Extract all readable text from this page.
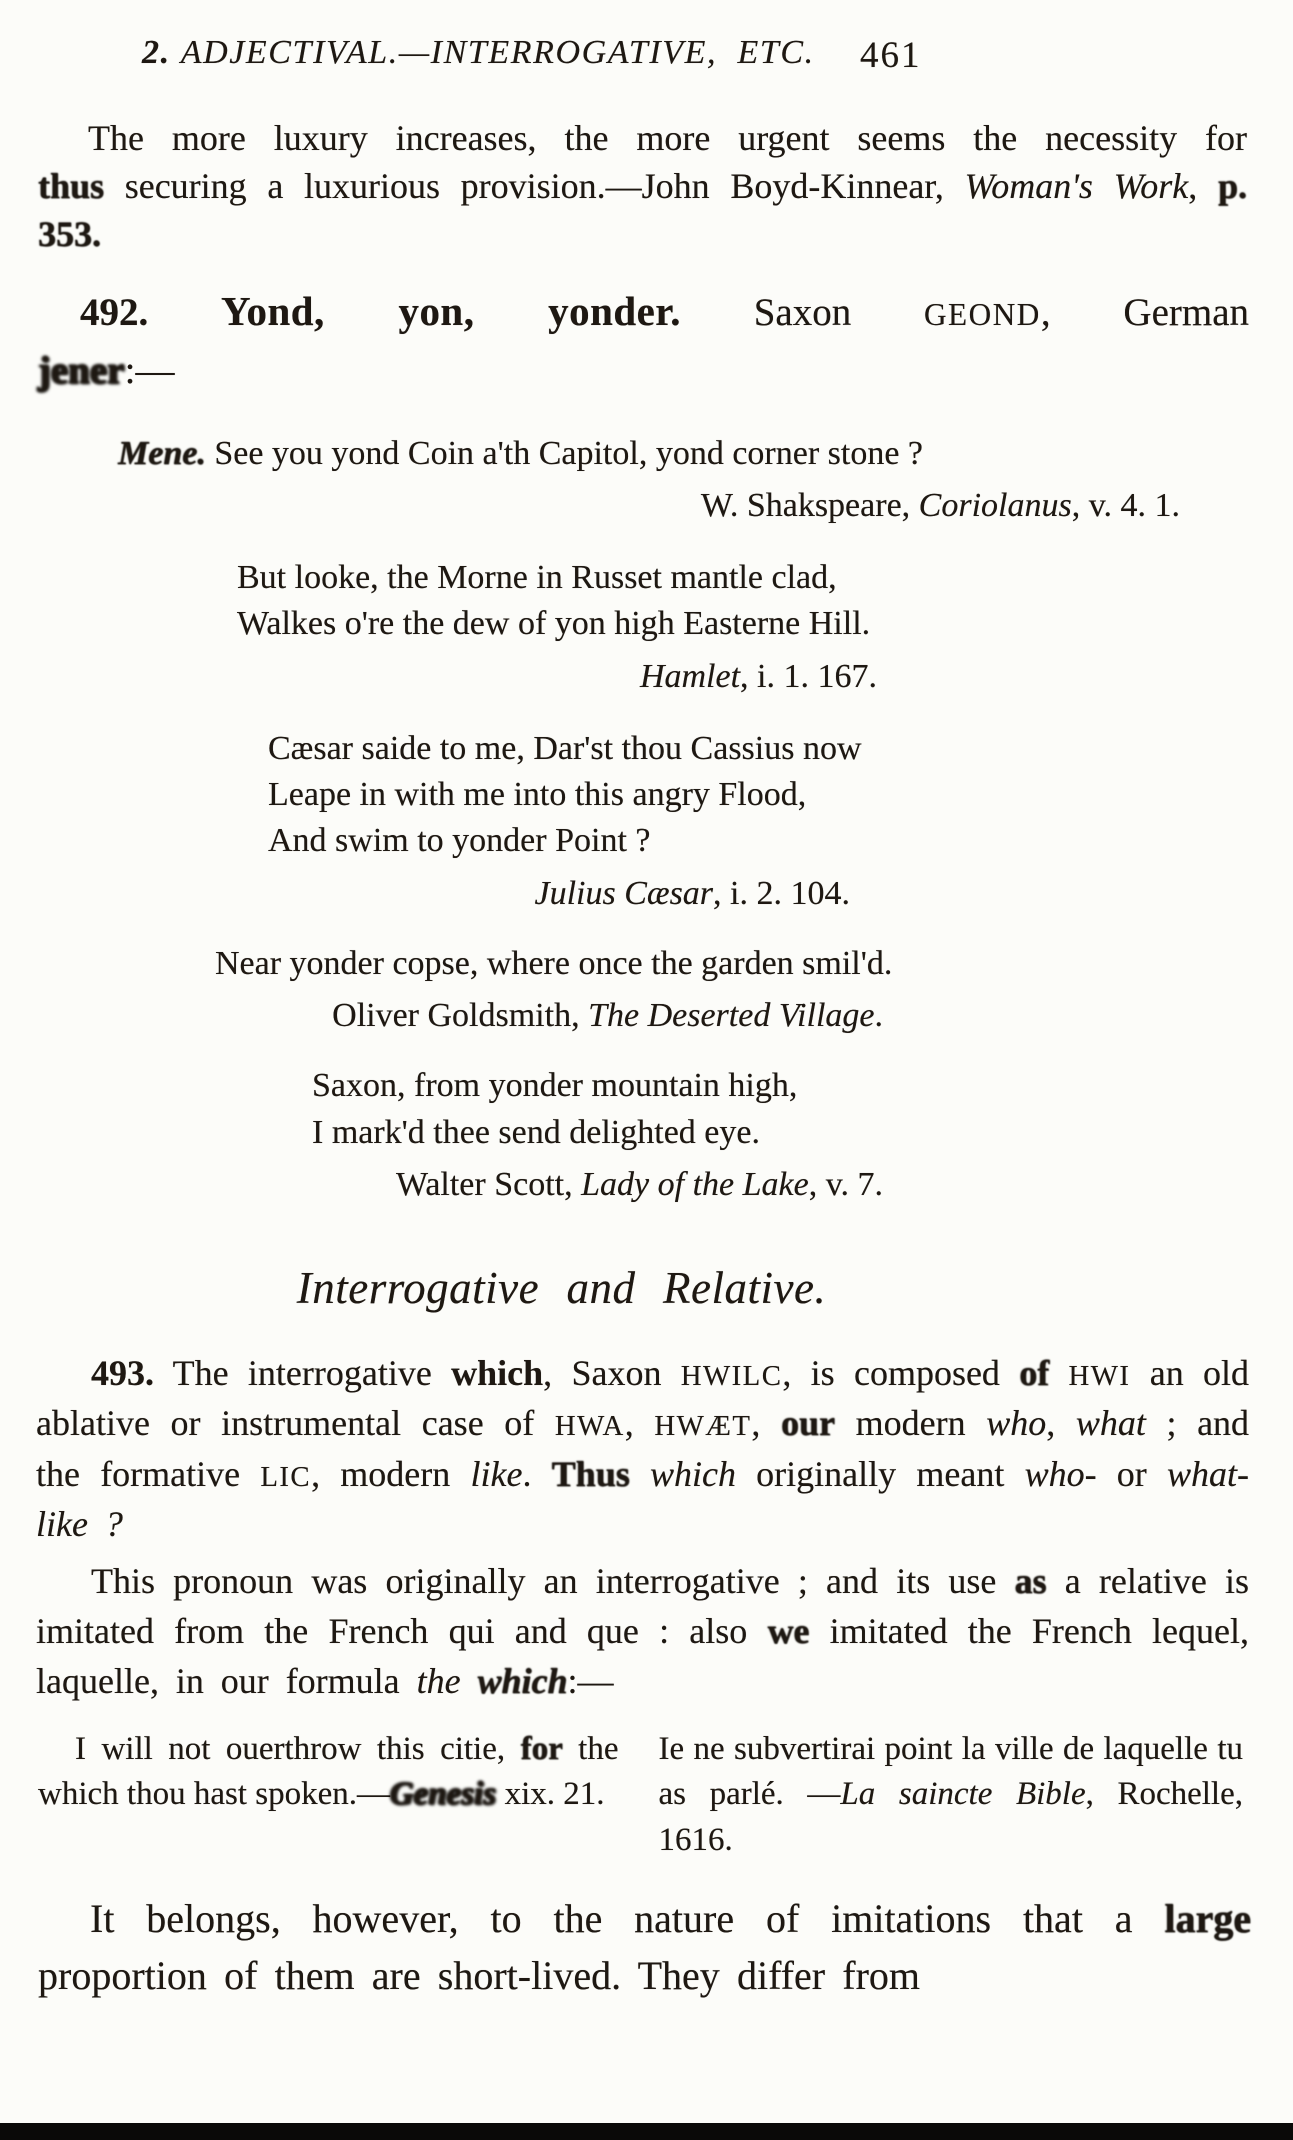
2. ADJECTIVAL.—INTERROGATIVE, ETC. 461

The more luxury increases, the more urgent seems the necessity for thus securing a luxurious provision.—John Boyd-Kinnear, Woman's Work, p. 353.

492. Yond, yon, yonder. Saxon GEOND, German
jener:—

Mene. See you yond Coin a'th Capitol, yond corner stone ?
W. Shakspeare, Coriolanus, v. 4. 1.
But looke, the Morne in Russet mantle clad,
Walkes o're the dew of yon high Easterne Hill.
Hamlet, i. 1. 167.
Cæsar saide to me, Dar'st thou Cassius now
Leape in with me into this angry Flood,
And swim to yonder Point ?
Julius Cæsar, i. 2. 104.
Near yonder copse, where once the garden smil'd.
Oliver Goldsmith, The Deserted Village.
Saxon, from yonder mountain high,
I mark'd thee send delighted eye.
Walter Scott, Lady of the Lake, v. 7.
Interrogative and Relative.

493. The interrogative which, Saxon HWILC, is composed of HWI an old ablative or instrumental case of HWA, HWÆT, our modern who, what ; and the formative LIC, modern like. Thus which originally meant who- or what-like ?

This pronoun was originally an interrogative ; and its use as a relative is imitated from the French qui and que : also we imitated the French lequel, laquelle, in our formula the which:—

I will not ouerthrow this citie, for the which thou hast spoken.—Genesis xix. 21.
Ie ne subvertirai point la ville de laquelle tu as parlé. —La saincte Bible, Rochelle, 1616.

It belongs, however, to the nature of imitations that a large proportion of them are short-lived. They differ from
